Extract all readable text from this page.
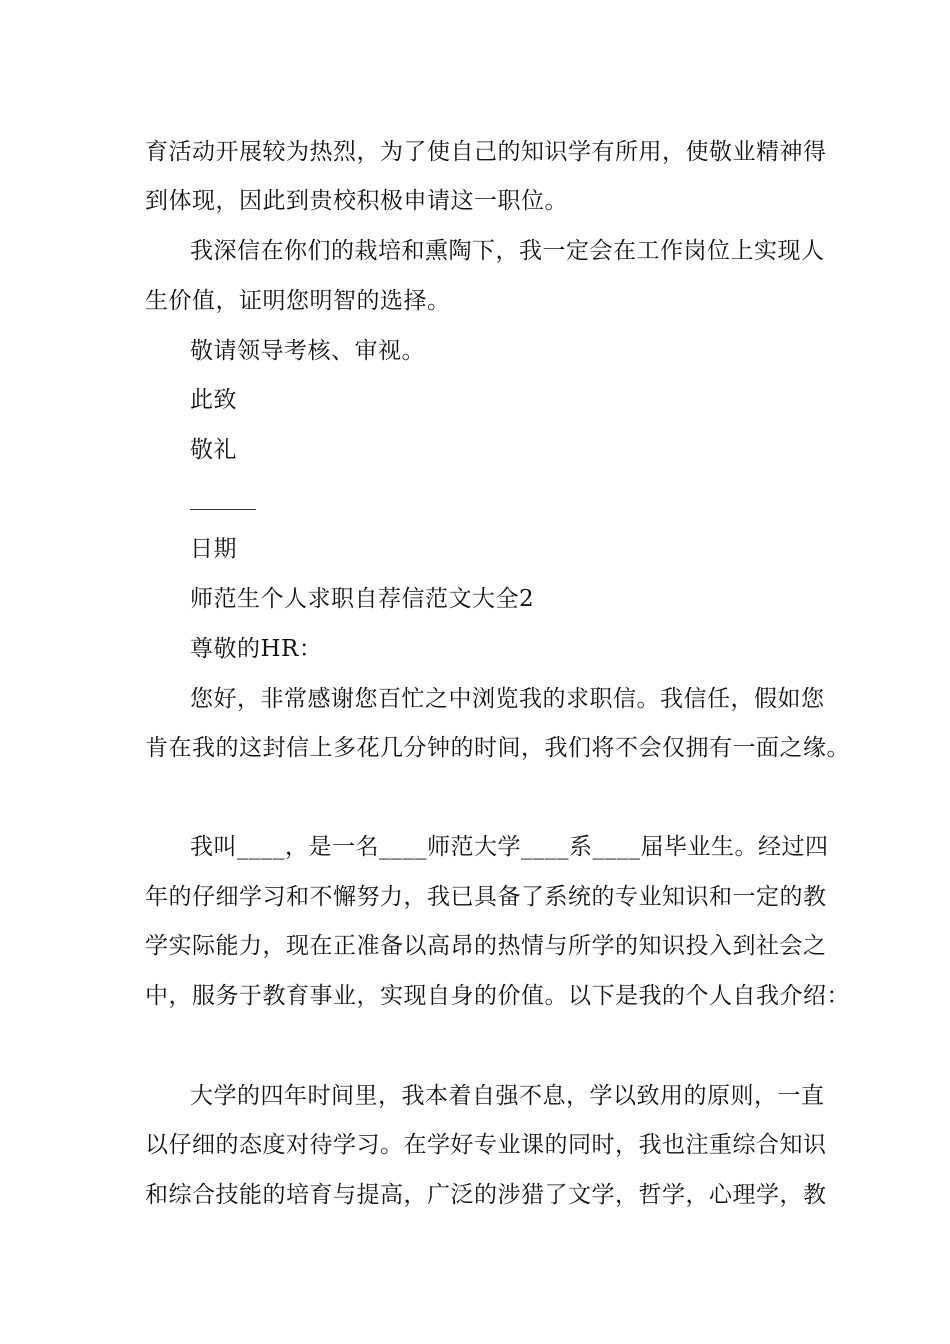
育活动开展较为热烈，为了使自己的知识学有所用，使敬业精神得
到体现，因此到贵校积极申请这一职位。
我深信在你们的栽培和熏陶下，我一定会在工作岗位上实现人
生价值，证明您明智的选择。
敬请领导考核、审视。
此致
敬礼
日期
师范生个人求职自荐信范文大全2
尊敬的HR：
您好，非常感谢您百忙之中浏览我的求职信。我信任，假如您
肯在我的这封信上多花几分钟的时间，我们将不会仅拥有一面之缘。
我叫____，是一名____师范大学____系____届毕业生。经过四
年的仔细学习和不懈努力，我已具备了系统的专业知识和一定的教
学实际能力，现在正准备以高昂的热情与所学的知识投入到社会之
中，服务于教育事业，实现自身的价值。以下是我的个人自我介绍：
大学的四年时间里，我本着自强不息，学以致用的原则，一直
以仔细的态度对待学习。在学好专业课的同时，我也注重综合知识
和综合技能的培育与提高，广泛的涉猎了文学，哲学，心理学，教
